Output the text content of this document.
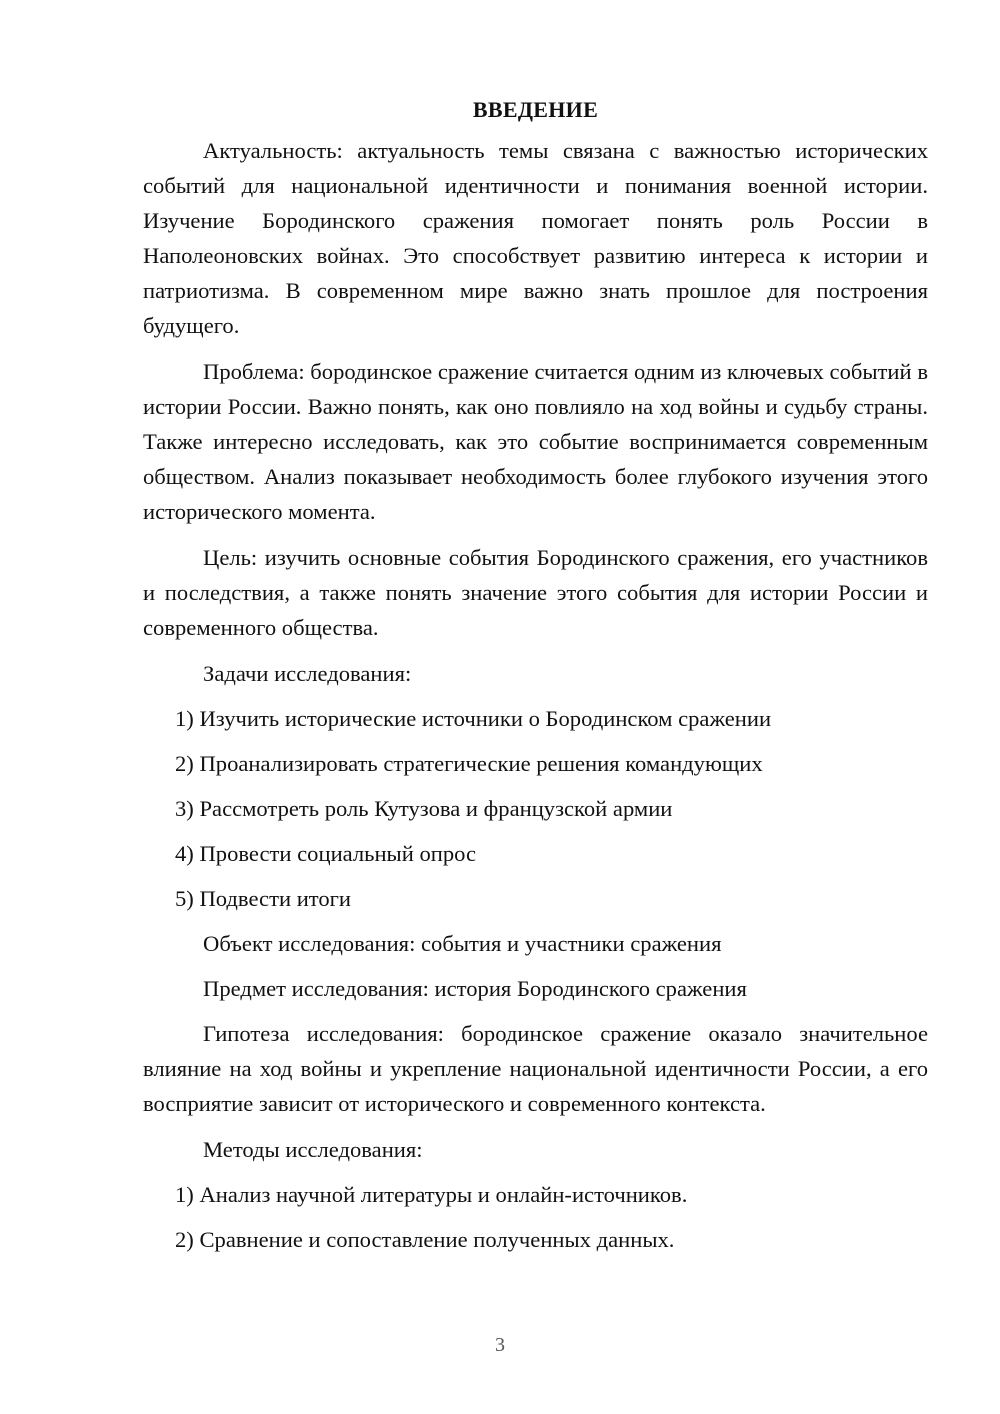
ВВЕДЕНИЕ

Актуальность: актуальность темы связана с важностью исторических событий для национальной идентичности и понимания военной истории. Изучение Бородинского сражения помогает понять роль России в Наполеоновских войнах. Это способствует развитию интереса к истории и патриотизма. В современном мире важно знать прошлое для построения будущего.

Проблема: бородинское сражение считается одним из ключевых событий в истории России. Важно понять, как оно повлияло на ход войны и судьбу страны. Также интересно исследовать, как это событие воспринимается современным обществом. Анализ показывает необходимость более глубокого изучения этого исторического момента.

Цель: изучить основные события Бородинского сражения, его участников и последствия, а также понять значение этого события для истории России и современного общества.

Задачи исследования:
1) Изучить исторические источники о Бородинском сражении
2) Проанализировать стратегические решения командующих
3) Рассмотреть роль Кутузова и французской армии
4) Провести социальный опрос
5) Подвести итоги
Объект исследования: события и участники сражения
Предмет исследования: история Бородинского сражения

Гипотеза исследования: бородинское сражение оказало значительное влияние на ход войны и укрепление национальной идентичности России, а его восприятие зависит от исторического и современного контекста.

Методы исследования:
1) Анализ научной литературы и онлайн-источников.
2) Сравнение и сопоставление полученных данных.
3
